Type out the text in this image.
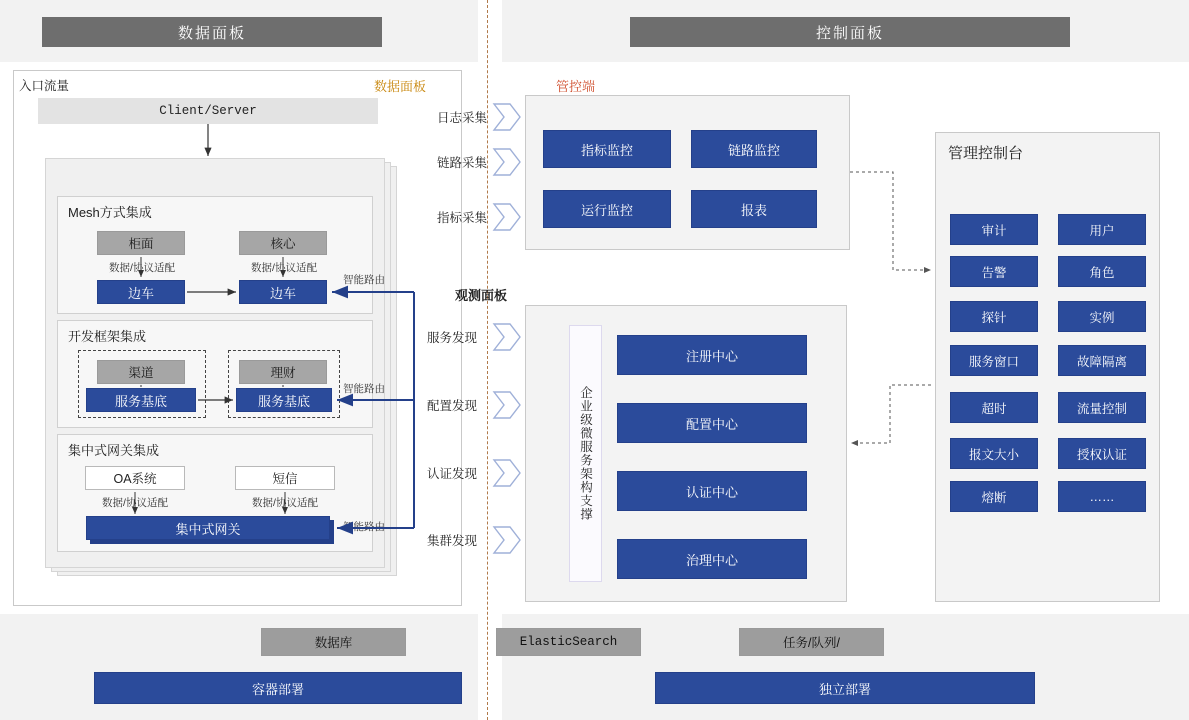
数据面板	控制面板
入口流量	数据面板
Client/Server
Mesh方式集成
柜面	核心
数据/协议适配	数据/协议适配
边车	边车
智能路由
开发框架集成
渠道	理财
服务基底	服务基底
智能路由
集中式网关集成
OA系统	短信
数据/协议适配	数据/协议适配
集中式网关	智能路由
管控端
观测面板
日志采集
链路采集
指标采集
服务发现
配置发现
认证发现
集群发现
指标监控	链路监控
运行监控	报表
企业级微服务架构支撑
注册中心
配置中心
认证中心
治理中心
管理控制台
审计	用户
告警	角色
探针	实例
服务窗口	故障隔离
超时	流量控制
报文大小	授权认证
熔断	……
数据库	ElasticSearch	任务/队列/
容器部署	独立部署
